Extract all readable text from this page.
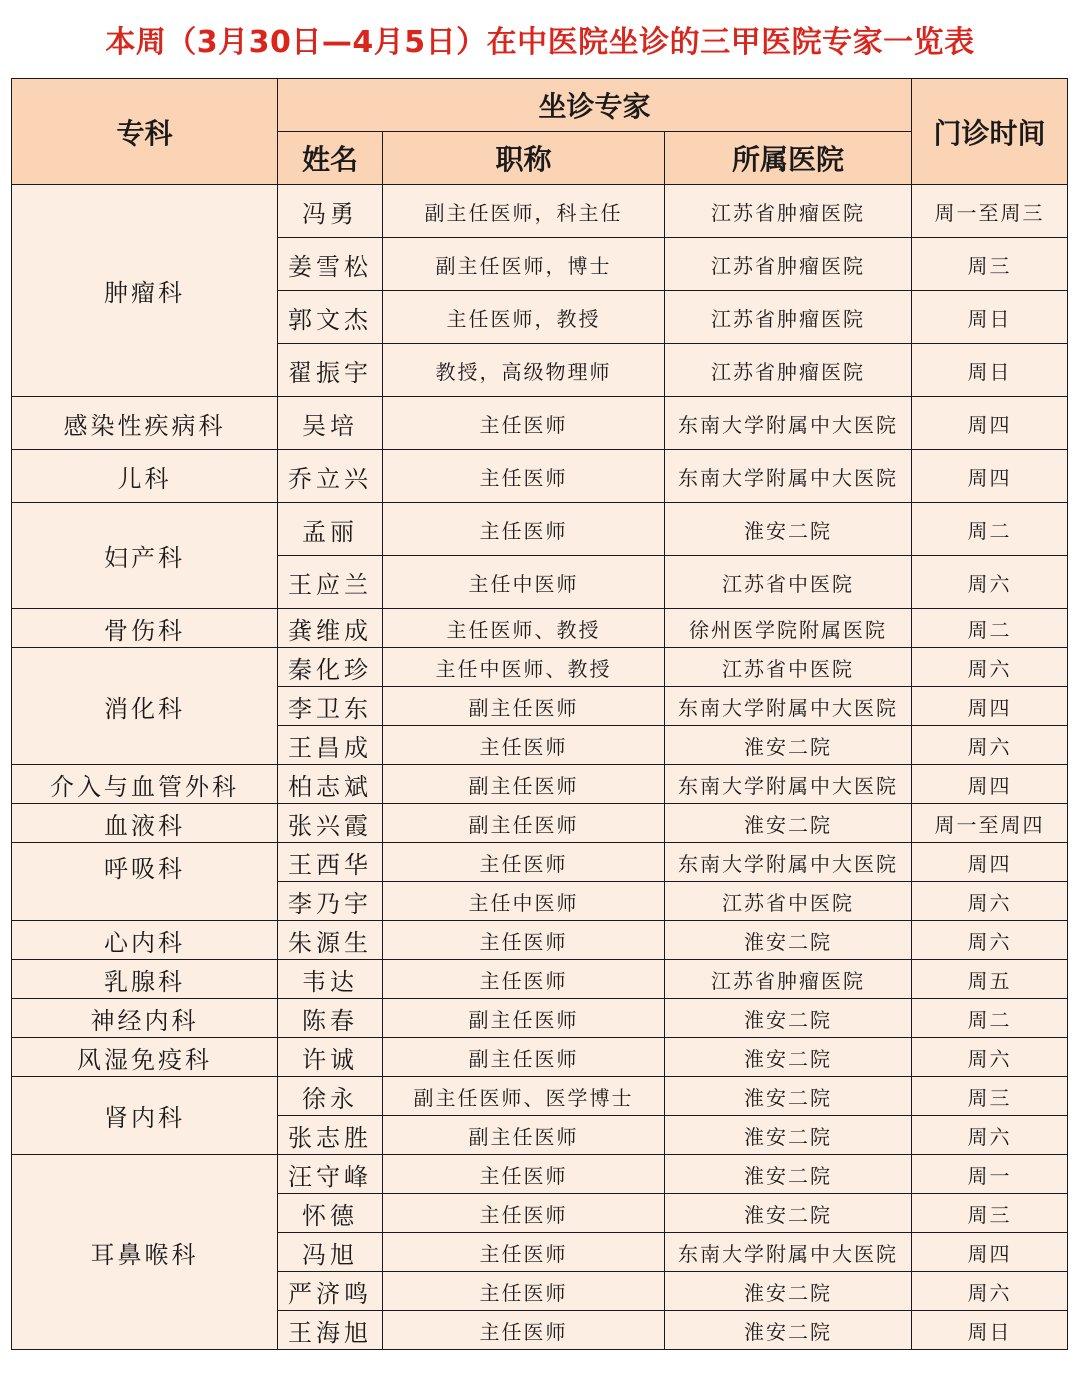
本周（3月30日—4月5日）在中医院坐诊的三甲医院专家一览表
专科	坐诊专家			门诊时间
	姓名	职称	所属医院	
肿瘤科	冯勇	副主任医师，科主任	江苏省肿瘤医院	周一至周三
	姜雪松	副主任医师，博士	江苏省肿瘤医院	周三
	郭文杰	主任医师，教授	江苏省肿瘤医院	周日
	翟振宇	教授，高级物理师	江苏省肿瘤医院	周日
感染性疾病科	吴培	主任医师	东南大学附属中大医院	周四
儿科	乔立兴	主任医师	东南大学附属中大医院	周四
妇产科	孟丽	主任医师	淮安二院	周二
	王应兰	主任中医师	江苏省中医院	周六
骨伤科	龚维成	主任医师、教授	徐州医学院附属医院	周二
消化科	秦化珍	主任中医师、教授	江苏省中医院	周六
	李卫东	副主任医师	东南大学附属中大医院	周四
	王昌成	主任医师	淮安二院	周六
介入与血管外科	柏志斌	副主任医师	东南大学附属中大医院	周四
血液科	张兴霞	副主任医师	淮安二院	周一至周四
呼吸科	王西华	主任医师	东南大学附属中大医院	周四
	李乃宇	主任中医师	江苏省中医院	周六
心内科	朱源生	主任医师	淮安二院	周六
乳腺科	韦达	主任医师	江苏省肿瘤医院	周五
神经内科	陈春	副主任医师	淮安二院	周二
风湿免疫科	许诚	副主任医师	淮安二院	周六
肾内科	徐永	副主任医师、医学博士	淮安二院	周三
	张志胜	副主任医师	淮安二院	周六
耳鼻喉科	汪守峰	主任医师	淮安二院	周一
	怀德	主任医师	淮安二院	周三
	冯旭	主任医师	东南大学附属中大医院	周四
	严济鸣	主任医师	淮安二院	周六
	王海旭	主任医师	淮安二院	周日
